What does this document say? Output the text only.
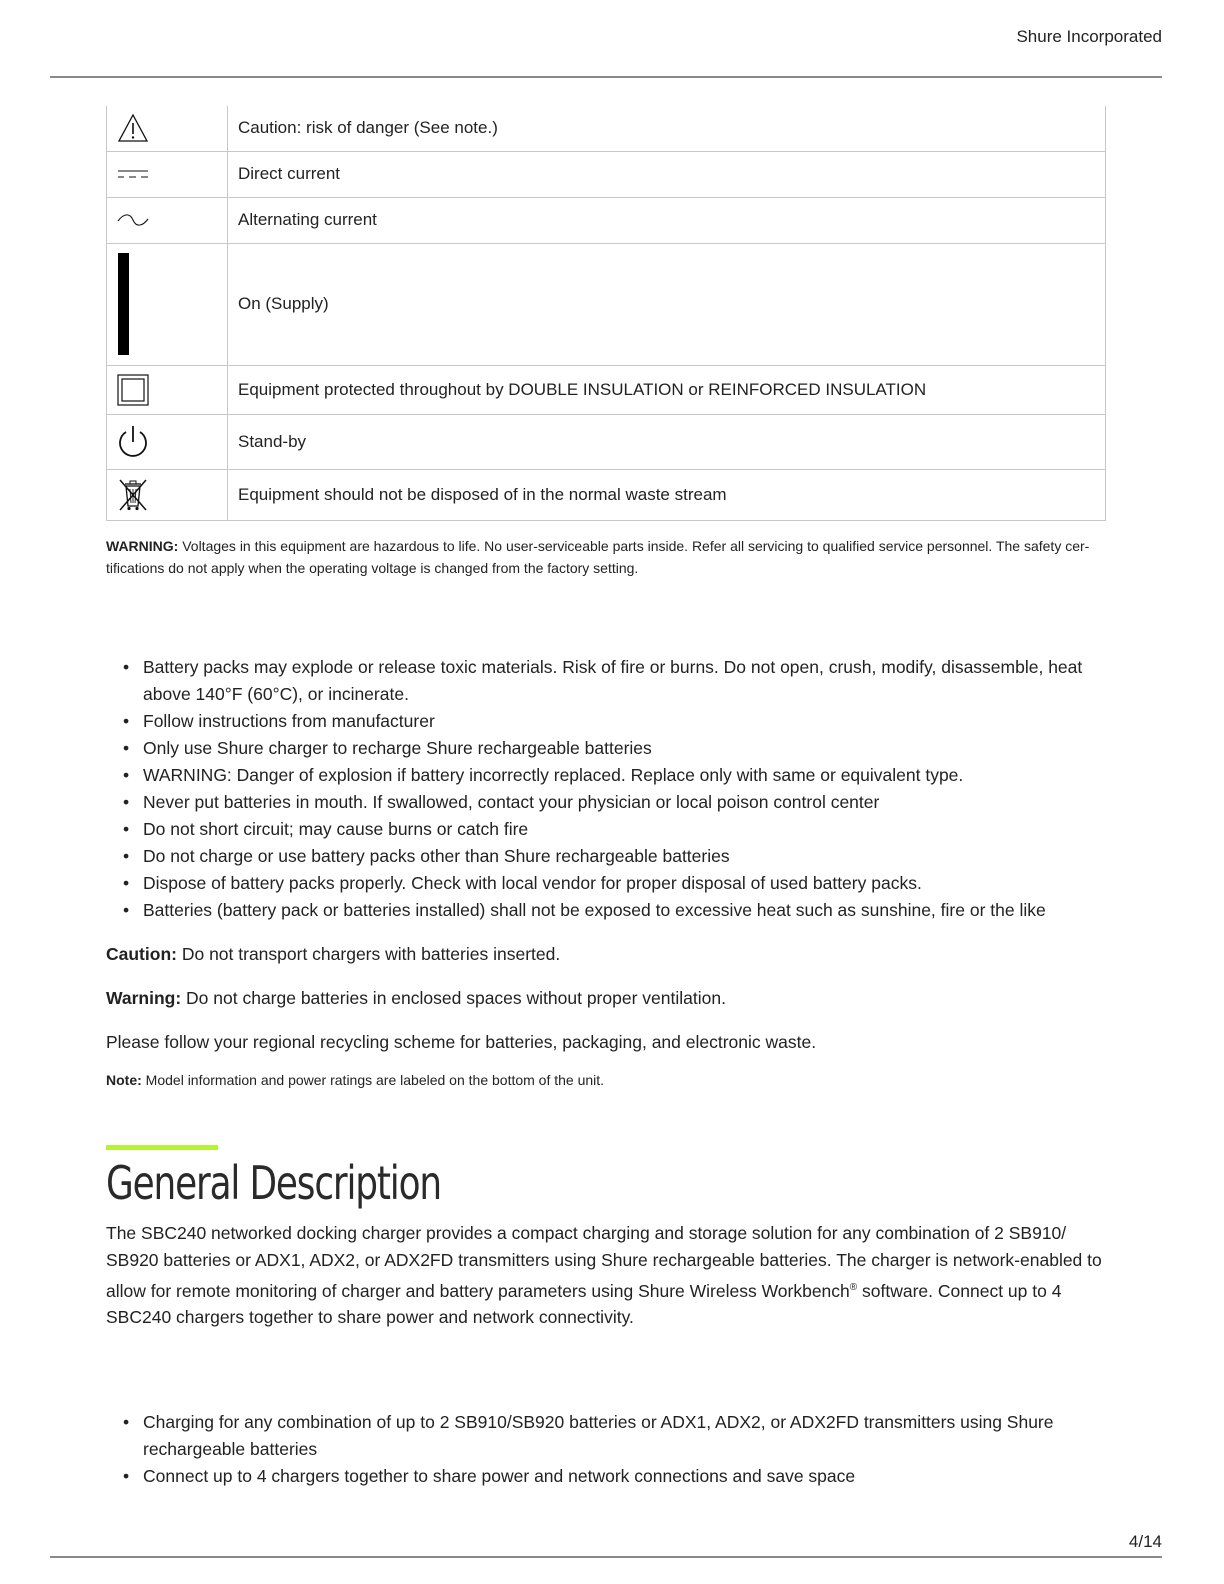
Shure Incorporated
	Caution: risk of danger (See note.)

	Direct current

	Alternating current

	On (Supply)

	Equipment protected throughout by DOUBLE INSULATION or REINFORCED INSULATION

	Stand-by

	Equipment should not be disposed of in the normal waste stream

WARNING: Voltages in this equipment are hazardous to life. No user-serviceable parts inside. Refer all servicing to qualified service personnel. The safety certifications do not apply when the operating voltage is changed from the factory setting.

• Battery packs may explode or release toxic materials. Risk of fire or burns. Do not open, crush, modify, disassemble, heat above 140°F (60°C), or incinerate.
• Follow instructions from manufacturer
• Only use Shure charger to recharge Shure rechargeable batteries
• WARNING: Danger of explosion if battery incorrectly replaced. Replace only with same or equivalent type.
• Never put batteries in mouth. If swallowed, contact your physician or local poison control center
• Do not short circuit; may cause burns or catch fire
• Do not charge or use battery packs other than Shure rechargeable batteries
• Dispose of battery packs properly. Check with local vendor for proper disposal of used battery packs.
• Batteries (battery pack or batteries installed) shall not be exposed to excessive heat such as sunshine, fire or the like

Caution: Do not transport chargers with batteries inserted.

Warning: Do not charge batteries in enclosed spaces without proper ventilation.

Please follow your regional recycling scheme for batteries, packaging, and electronic waste.

Note: Model information and power ratings are labeled on the bottom of the unit.

General Description

The SBC240 networked docking charger provides a compact charging and storage solution for any combination of 2 SB910/ SB920 batteries or ADX1, ADX2, or ADX2FD transmitters using Shure rechargeable batteries. The charger is network-enabled to allow for remote monitoring of charger and battery parameters using Shure Wireless Workbench® software. Connect up to 4 SBC240 chargers together to share power and network connectivity.

• Charging for any combination of up to 2 SB910/SB920 batteries or ADX1, ADX2, or ADX2FD transmitters using Shure rechargeable batteries
• Connect up to 4 chargers together to share power and network connections and save space
4/14
